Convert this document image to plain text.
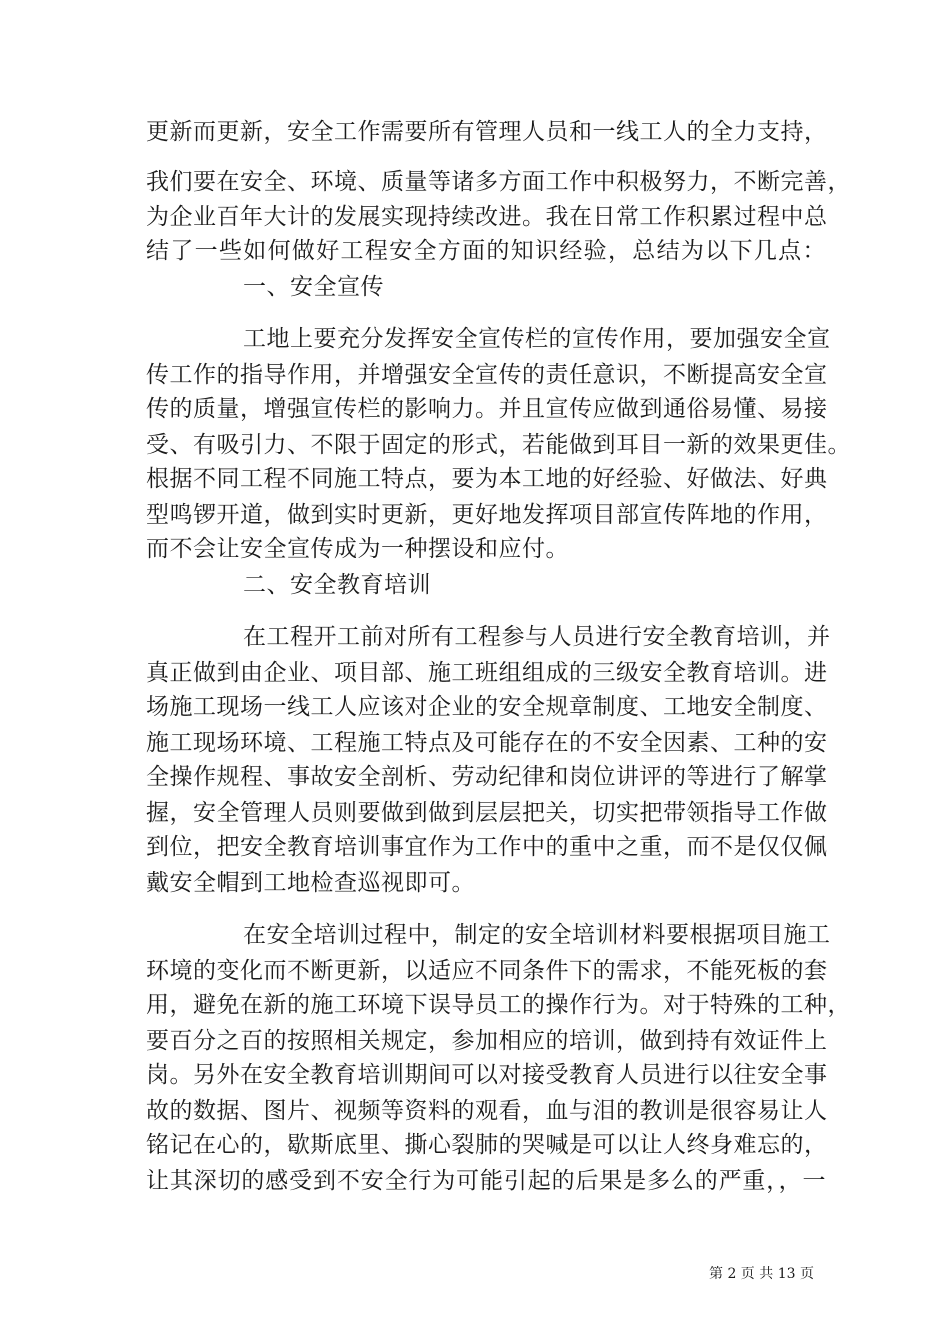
更新而更新，安全工作需要所有管理人员和一线工人的全力支持，
我们要在安全、环境、质量等诸多方面工作中积极努力，不断完善，
为企业百年大计的发展实现持续改进。我在日常工作积累过程中总
结了一些如何做好工程安全方面的知识经验，总结为以下几点：
一、安全宣传
工地上要充分发挥安全宣传栏的宣传作用，要加强安全宣
传工作的指导作用，并增强安全宣传的责任意识，不断提高安全宣
传的质量，增强宣传栏的影响力。并且宣传应做到通俗易懂、易接
受、有吸引力、不限于固定的形式，若能做到耳目一新的效果更佳。
根据不同工程不同施工特点，要为本工地的好经验、好做法、好典
型鸣锣开道，做到实时更新，更好地发挥项目部宣传阵地的作用，
而不会让安全宣传成为一种摆设和应付。
二、安全教育培训
在工程开工前对所有工程参与人员进行安全教育培训，并
真正做到由企业、项目部、施工班组组成的三级安全教育培训。进
场施工现场一线工人应该对企业的安全规章制度、工地安全制度、
施工现场环境、工程施工特点及可能存在的不安全因素、工种的安
全操作规程、事故安全剖析、劳动纪律和岗位讲评的等进行了解掌
握，安全管理人员则要做到做到层层把关，切实把带领指导工作做
到位，把安全教育培训事宜作为工作中的重中之重，而不是仅仅佩
戴安全帽到工地检查巡视即可。
在安全培训过程中，制定的安全培训材料要根据项目施工
环境的变化而不断更新，以适应不同条件下的需求，不能死板的套
用，避免在新的施工环境下误导员工的操作行为。对于特殊的工种，
要百分之百的按照相关规定，参加相应的培训，做到持有效证件上
岗。另外在安全教育培训期间可以对接受教育人员进行以往安全事
故的数据、图片、视频等资料的观看，血与泪的教训是很容易让人
铭记在心的，歇斯底里、撕心裂肺的哭喊是可以让人终身难忘的，
让其深切的感受到不安全行为可能引起的后果是多么的严重，，一
第 2 页 共 13 页
